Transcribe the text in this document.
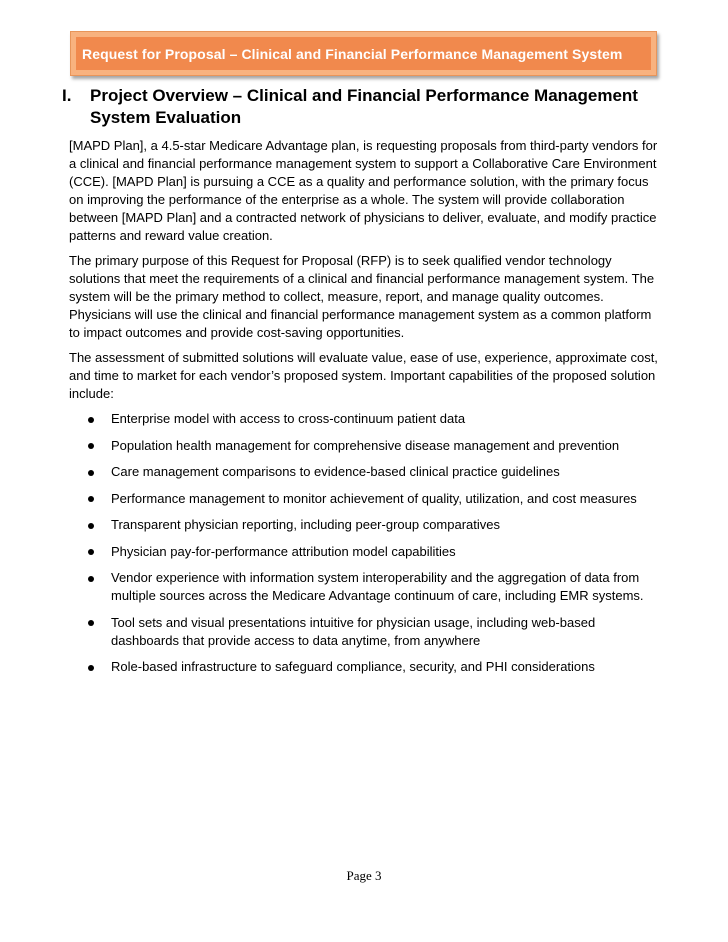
Request for Proposal – Clinical and Financial Performance Management System
I.	Project Overview – Clinical and Financial Performance Management System Evaluation

[MAPD Plan], a 4.5-star Medicare Advantage plan, is requesting proposals from third-party vendors for a clinical and financial performance management system to support a Collaborative Care Environment (CCE). [MAPD Plan] is pursuing a CCE as a quality and performance solution, with the primary focus on improving the performance of the enterprise as a whole. The system will provide collaboration between [MAPD Plan] and a contracted network of physicians to deliver, evaluate, and modify practice patterns and reward value creation.

The primary purpose of this Request for Proposal (RFP) is to seek qualified vendor technology solutions that meet the requirements of a clinical and financial performance management system. The system will be the primary method to collect, measure, report, and manage quality outcomes. Physicians will use the clinical and financial performance management system as a common platform to impact outcomes and provide cost-saving opportunities.

The assessment of submitted solutions will evaluate value, ease of use, experience, approximate cost, and time to market for each vendor’s proposed system. Important capabilities of the proposed solution include:

Enterprise model with access to cross-continuum patient data
Population health management for comprehensive disease management and prevention
Care management comparisons to evidence-based clinical practice guidelines
Performance management to monitor achievement of quality, utilization, and cost measures
Transparent physician reporting, including peer-group comparatives
Physician pay-for-performance attribution model capabilities
Vendor experience with information system interoperability and the aggregation of data from multiple sources across the Medicare Advantage continuum of care, including EMR systems.
Tool sets and visual presentations intuitive for physician usage, including web-based dashboards that provide access to data anytime, from anywhere
Role-based infrastructure to safeguard compliance, security, and PHI considerations
Page 3
